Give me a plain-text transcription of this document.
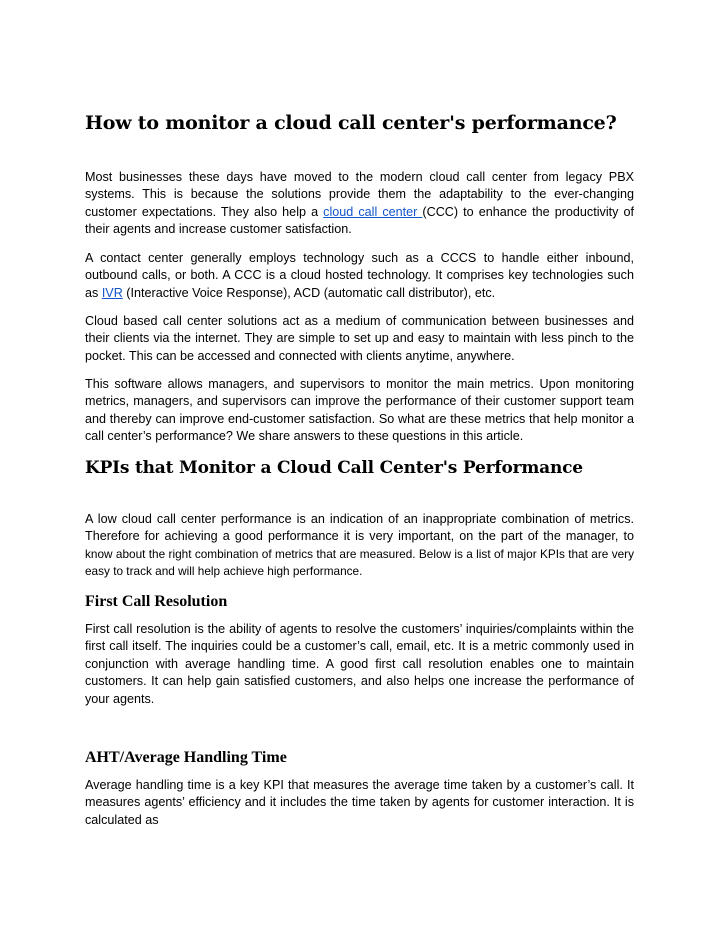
How to monitor a cloud call center's performance?

Most businesses these days have moved to the modern cloud call center from legacy PBX systems. This is because the solutions provide them the adaptability to the ever-changing customer expectations. They also help a cloud call center (CCC) to enhance the productivity of their agents and increase customer satisfaction.

A contact center generally employs technology such as a CCCS to handle either inbound, outbound calls, or both. A CCC is a cloud hosted technology. It comprises key technologies such as IVR (Interactive Voice Response), ACD (automatic call distributor), etc.

Cloud based call center solutions act as a medium of communication between businesses and their clients via the internet. They are simple to set up and easy to maintain with less pinch to the pocket. This can be accessed and connected with clients anytime, anywhere.

This software allows managers, and supervisors to monitor the main metrics. Upon monitoring metrics, managers, and supervisors can improve the performance of their customer support team and thereby can improve end-customer satisfaction. So what are these metrics that help monitor a call center’s performance? We share answers to these questions in this article.

KPIs that Monitor a Cloud Call Center's Performance

A low cloud call center performance is an indication of an inappropriate combination of metrics. Therefore for achieving a good performance it is very important, on the part of the manager, to know about the right combination of metrics that are measured. Below is a list of major KPIs that are very easy to track and will help achieve high performance.

First Call Resolution

First call resolution is the ability of agents to resolve the customers’ inquiries/complaints within the first call itself. The inquiries could be a customer’s call, email, etc. It is a metric commonly used in conjunction with average handling time. A good first call resolution enables one to maintain customers. It can help gain satisfied customers, and also helps one increase the performance of your agents.

AHT/Average Handling Time

Average handling time is a key KPI that measures the average time taken by a customer’s call. It measures agents’ efficiency and it includes the time taken by agents for customer interaction. It is calculated as
